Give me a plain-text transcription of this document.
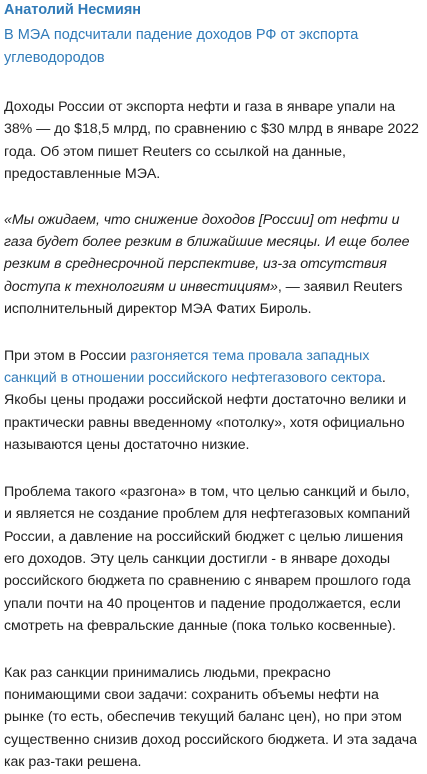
Анатолий Несмиян
В МЭА подсчитали падение доходов РФ от экспорта углеводородов

Доходы России от экспорта нефти и газа в январе упали на 38% — до $18,5 млрд, по сравнению с $30 млрд в январе 2022 года. Об этом пишет Reuters со ссылкой на данные, предоставленные МЭА.

«Мы ожидаем, что снижение доходов [России] от нефти и газа будет более резким в ближайшие месяцы. И еще более резким в среднесрочной перспективе, из-за отсутствия доступа к технологиям и инвестициям», — заявил Reuters исполнительный директор МЭА Фатих Бироль.

При этом в России разгоняется тема провала западных санкций в отношении российского нефтегазового сектора. Якобы цены продажи российской нефти достаточно велики и практически равны введенному «потолку», хотя официально называются цены достаточно низкие.

Проблема такого «разгона» в том, что целью санкций и было, и является не создание проблем для нефтегазовых компаний России, а давление на российский бюджет с целью лишения его доходов. Эту цель санкции достигли - в январе доходы российского бюджета по сравнению с январем прошлого года упали почти на 40 процентов и падение продолжается, если смотреть на февральские данные (пока только косвенные).

Как раз санкции принимались людьми, прекрасно понимающими свои задачи: сохранить объемы нефти на рынке (то есть, обеспечив текущий баланс цен), но при этом существенно снизив доход российского бюджета. И эта задача как раз-таки решена.
